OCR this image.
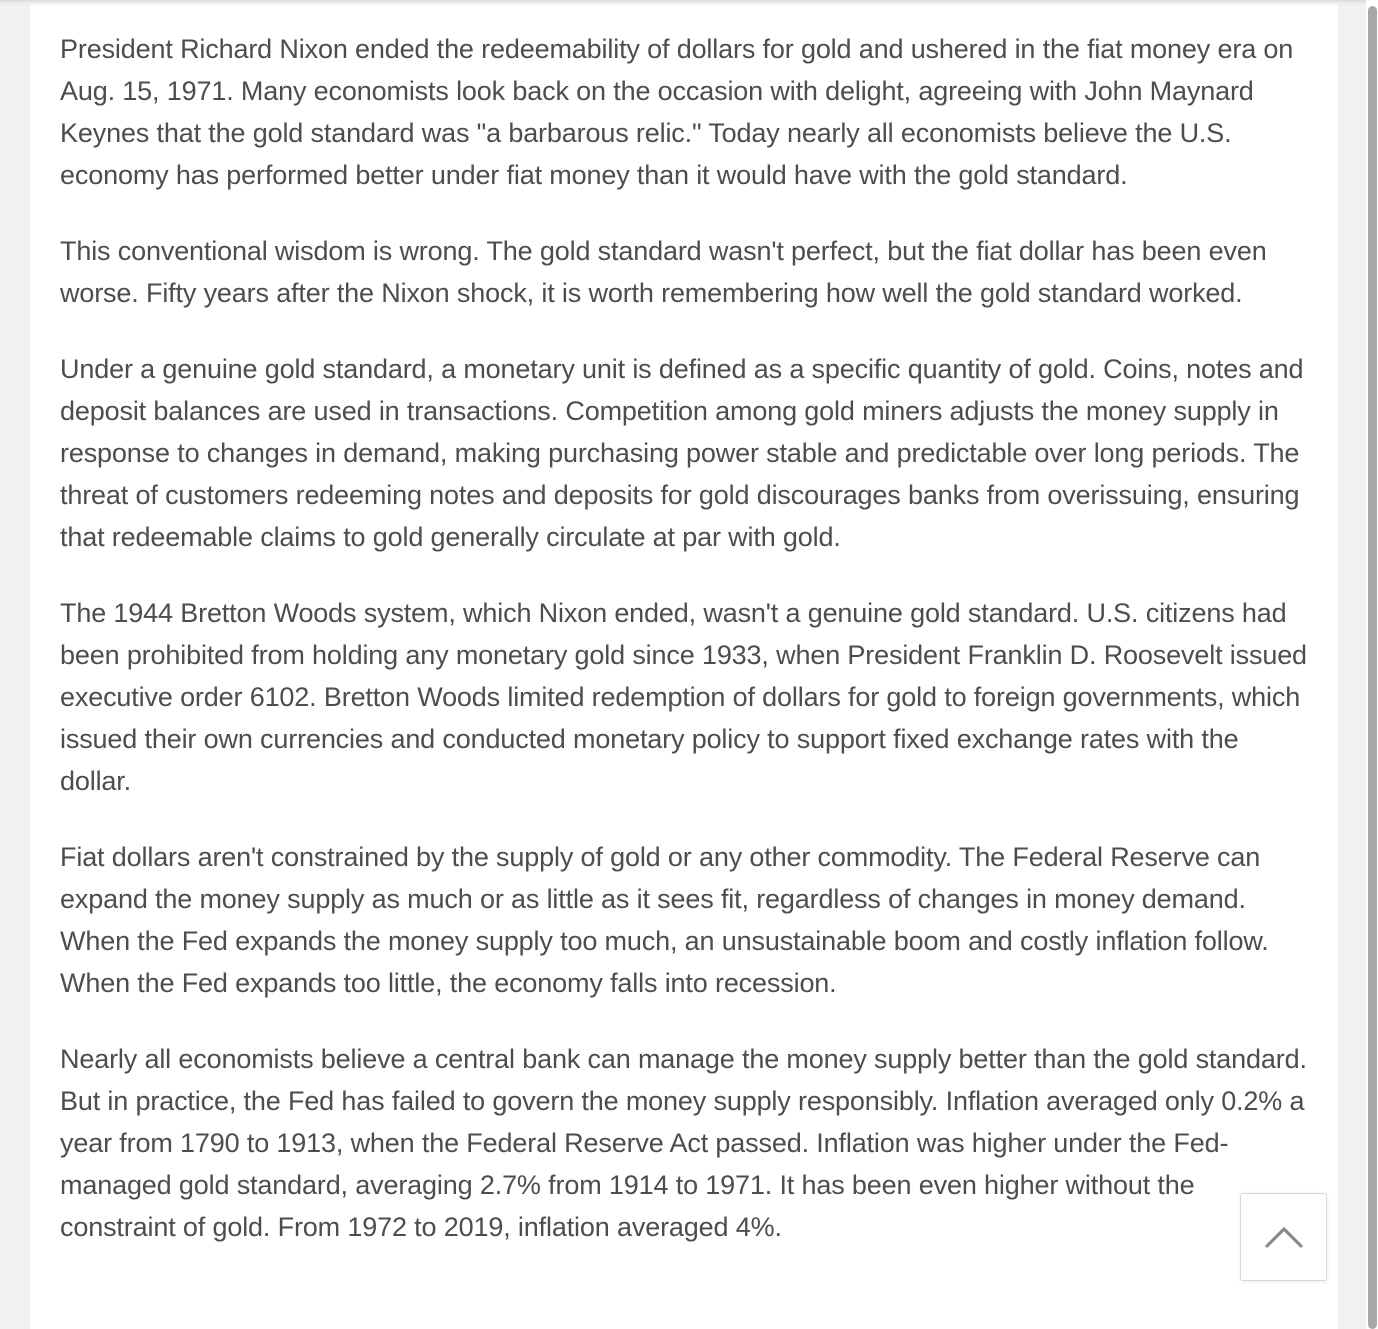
President Richard Nixon ended the redeemability of dollars for gold and ushered in the fiat money era on Aug. 15, 1971. Many economists look back on the occasion with delight, agreeing with John Maynard Keynes that the gold standard was "a barbarous relic." Today nearly all economists believe the U.S. economy has performed better under fiat money than it would have with the gold standard.

This conventional wisdom is wrong. The gold standard wasn't perfect, but the fiat dollar has been even worse. Fifty years after the Nixon shock, it is worth remembering how well the gold standard worked.

Under a genuine gold standard, a monetary unit is defined as a specific quantity of gold. Coins, notes and deposit balances are used in transactions. Competition among gold miners adjusts the money supply in response to changes in demand, making purchasing power stable and predictable over long periods. The threat of customers redeeming notes and deposits for gold discourages banks from overissuing, ensuring that redeemable claims to gold generally circulate at par with gold.

The 1944 Bretton Woods system, which Nixon ended, wasn't a genuine gold standard. U.S. citizens had been prohibited from holding any monetary gold since 1933, when President Franklin D. Roosevelt issued executive order 6102. Bretton Woods limited redemption of dollars for gold to foreign governments, which issued their own currencies and conducted monetary policy to support fixed exchange rates with the dollar.

Fiat dollars aren't constrained by the supply of gold or any other commodity. The Federal Reserve can expand the money supply as much or as little as it sees fit, regardless of changes in money demand. When the Fed expands the money supply too much, an unsustainable boom and costly inflation follow. When the Fed expands too little, the economy falls into recession.

Nearly all economists believe a central bank can manage the money supply better than the gold standard. But in practice, the Fed has failed to govern the money supply responsibly. Inflation averaged only 0.2% a year from 1790 to 1913, when the Federal Reserve Act passed. Inflation was higher under the Fed-managed gold standard, averaging 2.7% from 1914 to 1971. It has been even higher without the constraint of gold. From 1972 to 2019, inflation averaged 4%.
